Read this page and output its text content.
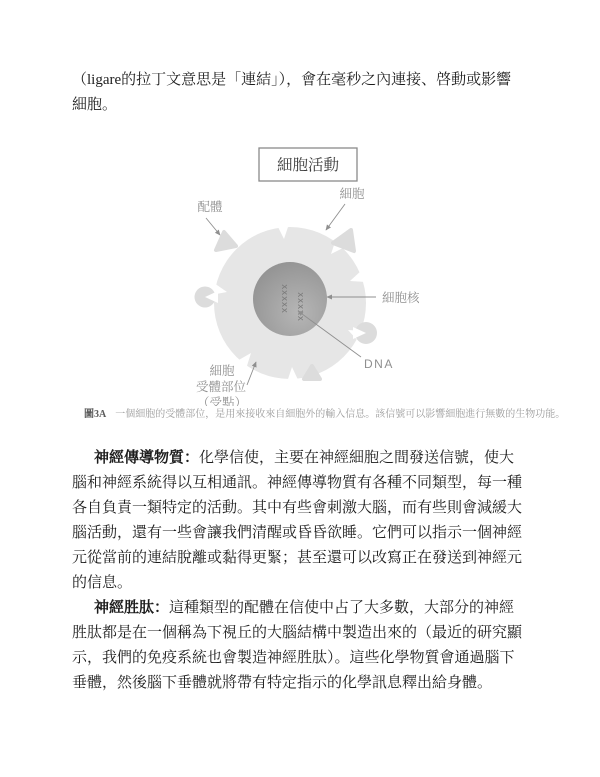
（ligare的拉丁文意思是「連結」），會在毫秒之內連接、啓動或影響
細胞。
細胞活動
xxxxx xxxxx
配體
細胞
細胞核
DNA
細胞
受體部位
（受點）
圖3A 一個細胞的受體部位，是用來接收來自細胞外的輸入信息。該信號可以影響細胞進行無數的生物功能。
神經傳導物質：化學信使，主要在神經細胞之間發送信號，使大
腦和神經系統得以互相通訊。神經傳導物質有各種不同類型，每一種
各自負責一類特定的活動。其中有些會刺激大腦，而有些則會減緩大
腦活動，還有一些會讓我們清醒或昏昏欲睡。它們可以指示一個神經
元從當前的連結脫離或黏得更緊；甚至還可以改寫正在發送到神經元
的信息。
神經胜肽：這種類型的配體在信使中占了大多數，大部分的神經
胜肽都是在一個稱為下視丘的大腦結構中製造出來的（最近的研究顯
示，我們的免疫系統也會製造神經胜肽）。這些化學物質會通過腦下
垂體，然後腦下垂體就將帶有特定指示的化學訊息釋出給身體。
